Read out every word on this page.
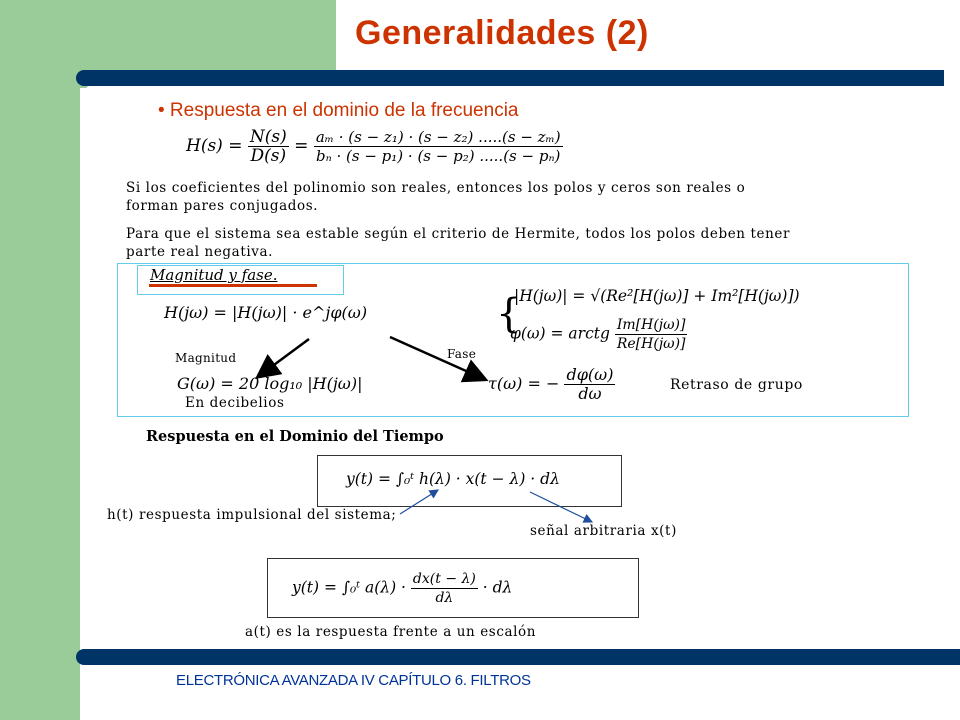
Generalidades (2)
• Respuesta en el dominio de la frecuencia
$H(s) = \frac{N(s)}{D(s)} = \frac{\text{aₘ · (s − z₁) · (s − z₂) .....(s − zₘ)}}{\text{bₙ · (s − p₁) · (s − p₂) .....(s − pₙ)}}$
Si los coeficientes del polinomio son reales, entonces los polos y ceros son reales o
forman pares conjugados.
Para que el sistema sea estable según el criterio de Hermite, todos los polos deben tener
parte real negativa.
Magnitud y fase.
H(jω) = |H(jω)| · e^jφ(ω)	{
|H(jω)| = √(Re²[H(jω)] + Im²[H(jω)])
φ(ω) = arctg $\frac{Im[H(j\omega)]}{Re[H(j\omega)]}$
Magnitud	Fase
G(ω) = 20 log₁₀ |H(jω)|
En decibelios
τ(ω) = − $\frac{d\varphi(\omega)}{d\omega}$	Retraso de grupo
Respuesta en el Dominio del Tiempo
y(t) = ∫₀ᵗ h(λ) · x(t − λ) · dλ
h(t) respuesta impulsional del sistema;
señal arbitraria x(t)
y(t) = ∫₀ᵗ $a(\lambda) \cdot \frac{dx(t - \lambda)}{d\lambda} \cdot d\lambda$
a(t) es la respuesta frente a un escalón
ELECTRÓNICA AVANZADA IV CAPÍTULO 6. FILTROS
